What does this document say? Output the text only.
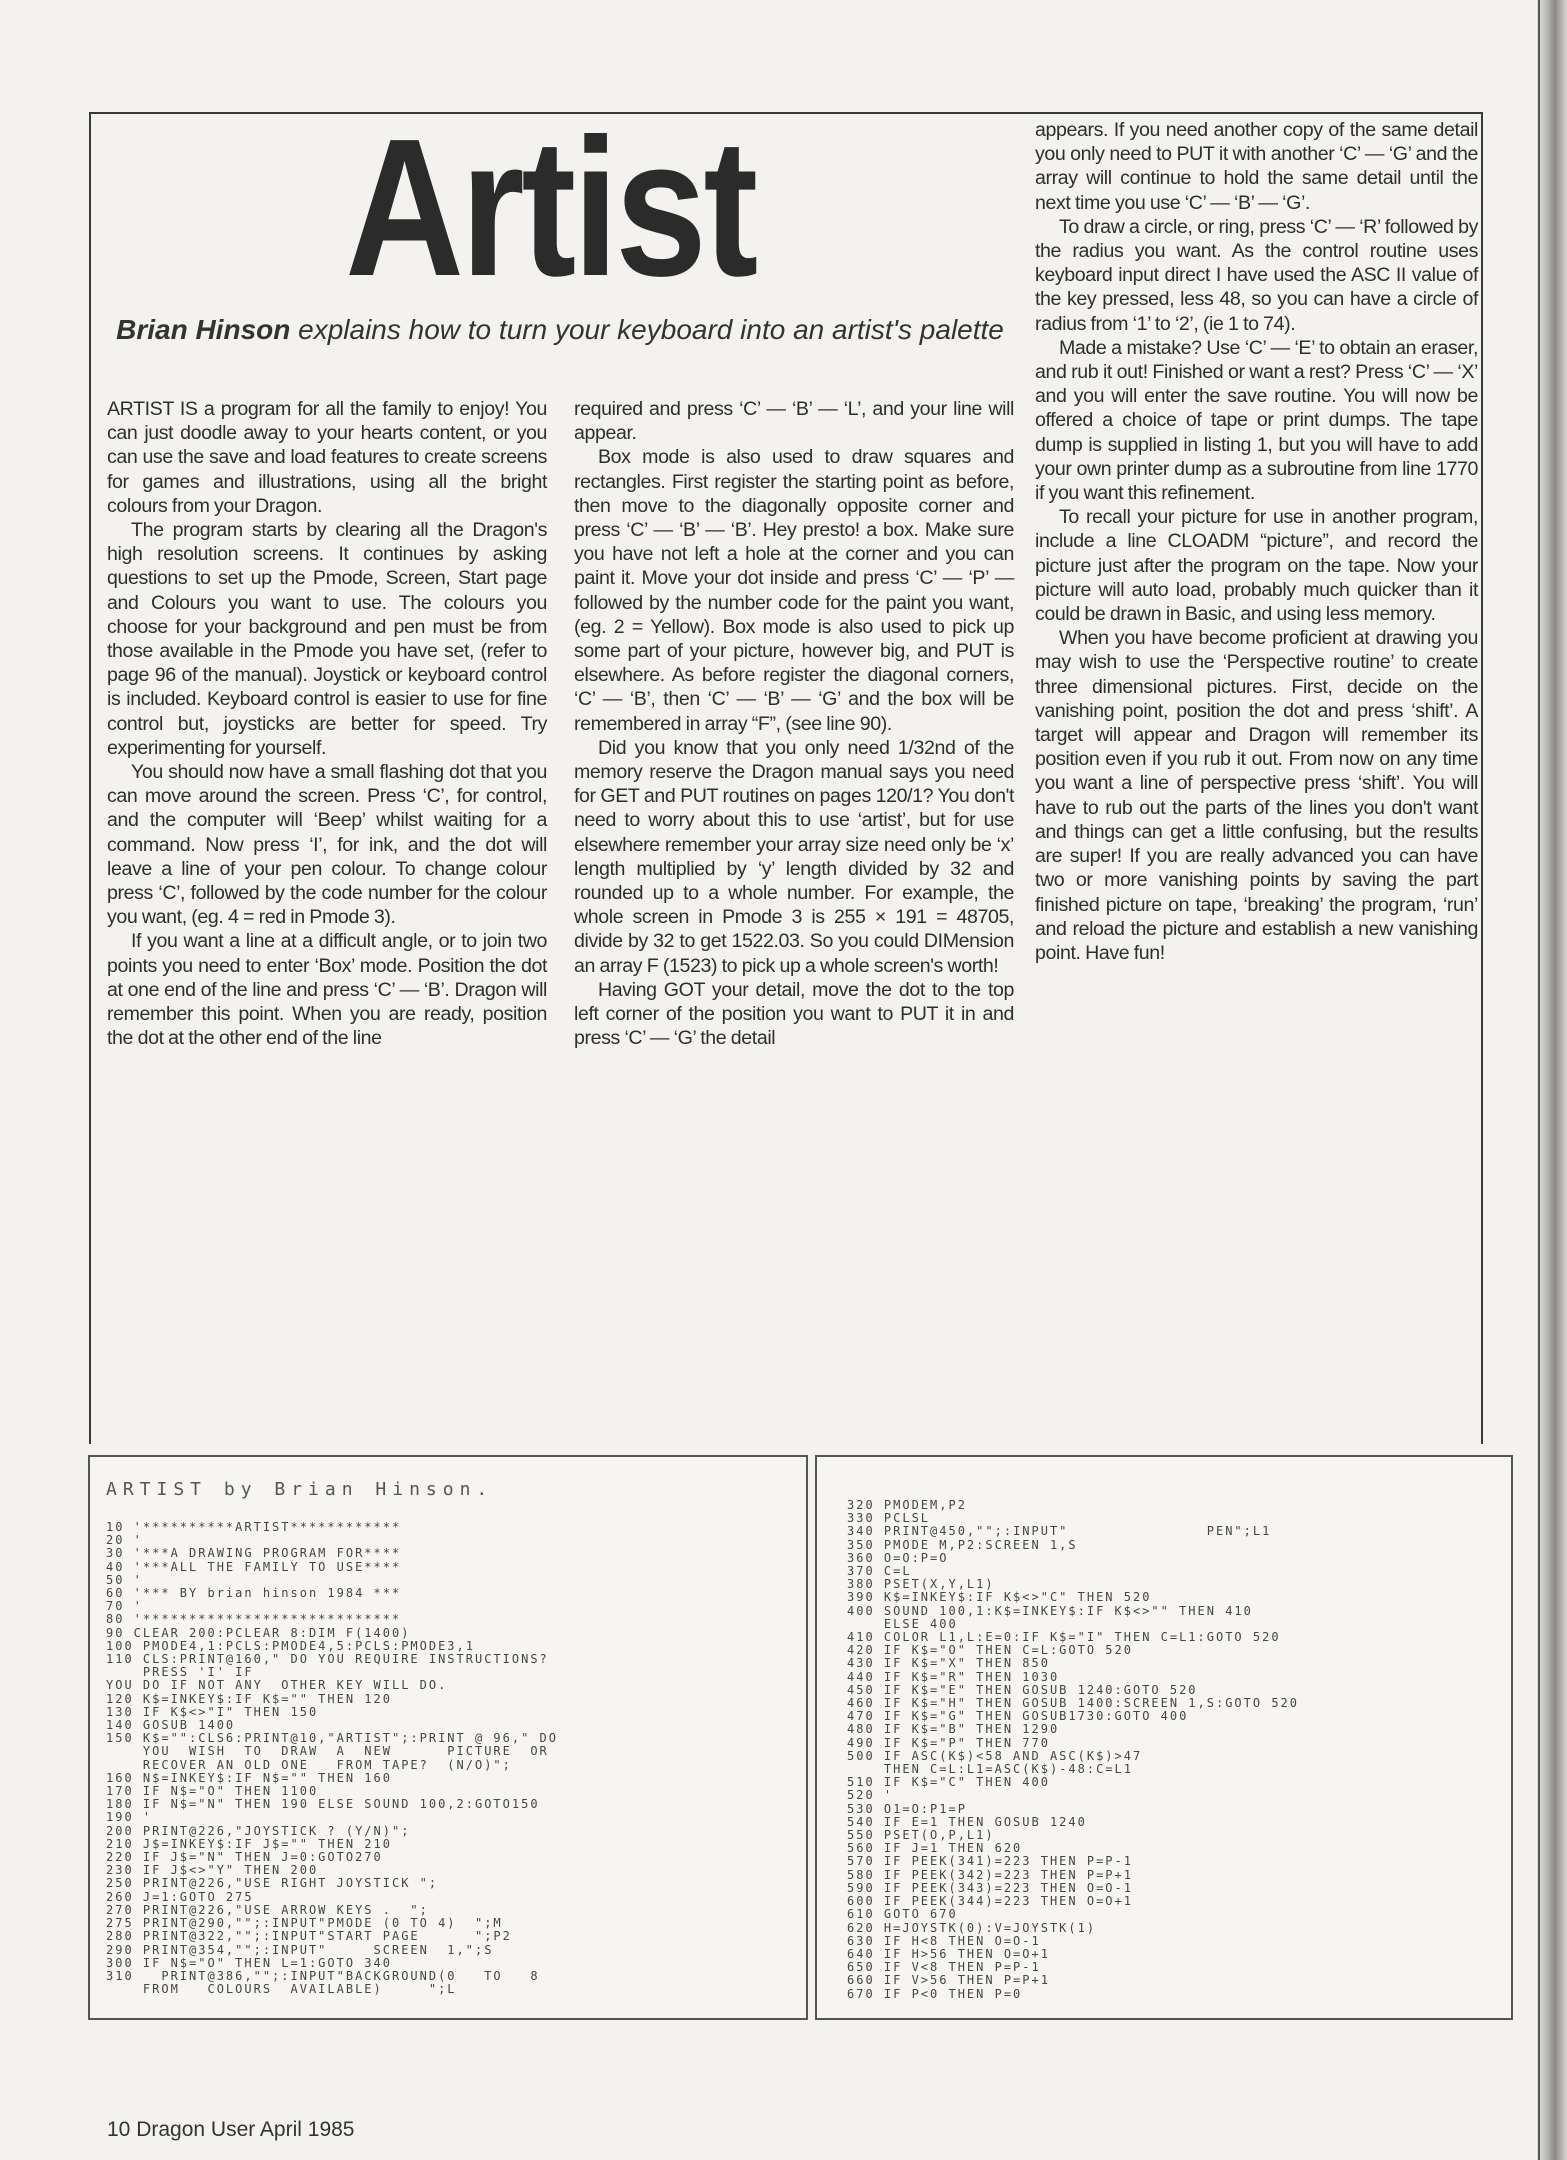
Artist
Brian Hinson explains how to turn your keyboard into an artist's palette

ARTIST IS a program for all the family to enjoy! You can just doodle away to your hearts content, or you can use the save and load features to create screens for games and illustrations, using all the bright colours from your Dragon.

The program starts by clearing all the Dragon's high resolution screens. It continues by asking questions to set up the Pmode, Screen, Start page and Colours you want to use. The colours you choose for your background and pen must be from those available in the Pmode you have set, (refer to page 96 of the manual). Joystick or keyboard control is included. Keyboard control is easier to use for fine control but, joysticks are better for speed. Try experimenting for yourself.

You should now have a small flashing dot that you can move around the screen. Press ‘C’, for control, and the computer will ‘Beep’ whilst waiting for a command. Now press ‘I’, for ink, and the dot will leave a line of your pen colour. To change colour press ‘C’, followed by the code number for the colour you want, (eg. 4 = red in Pmode 3).

If you want a line at a difficult angle, or to join two points you need to enter ‘Box’ mode. Position the dot at one end of the line and press ‘C’ — ‘B’. Dragon will remember this point. When you are ready, position the dot at the other end of the line

required and press ‘C’ — ‘B’ — ‘L’, and your line will appear.

Box mode is also used to draw squares and rectangles. First register the starting point as before, then move to the diagonally opposite corner and press ‘C’ — ‘B’ — ‘B’. Hey presto! a box. Make sure you have not left a hole at the corner and you can paint it. Move your dot inside and press ‘C’ — ‘P’ — followed by the number code for the paint you want, (eg. 2 = Yellow). Box mode is also used to pick up some part of your picture, however big, and PUT is elsewhere. As before register the diagonal corners, ‘C’ — ‘B’, then ‘C’ — ‘B’ — ‘G’ and the box will be remembered in array “F”, (see line 90).

Did you know that you only need 1/32nd of the memory reserve the Dragon manual says you need for GET and PUT routines on pages 120/1? You don't need to worry about this to use ‘artist’, but for use elsewhere remember your array size need only be ‘x’ length multiplied by ‘y’ length divided by 32 and rounded up to a whole number. For example, the whole screen in Pmode 3 is 255 × 191 = 48705, divide by 32 to get 1522.03. So you could DIMension an array F (1523) to pick up a whole screen's worth!

Having GOT your detail, move the dot to the top left corner of the position you want to PUT it in and press ‘C’ — ‘G’ the detail

appears. If you need another copy of the same detail you only need to PUT it with another ‘C’ — ‘G’ and the array will continue to hold the same detail until the next time you use ‘C’ — ‘B’ — ‘G’.

To draw a circle, or ring, press ‘C’ — ‘R’ followed by the radius you want. As the control routine uses keyboard input direct I have used the ASC II value of the key pressed, less 48, so you can have a circle of radius from ‘1’ to ‘2’, (ie 1 to 74).

Made a mistake? Use ‘C’ — ‘E’ to obtain an eraser, and rub it out! Finished or want a rest? Press ‘C’ — ‘X’ and you will enter the save routine. You will now be offered a choice of tape or print dumps. The tape dump is supplied in listing 1, but you will have to add your own printer dump as a subroutine from line 1770 if you want this refinement.

To recall your picture for use in another program, include a line CLOADM “picture”, and record the picture just after the program on the tape. Now your picture will auto load, probably much quicker than it could be drawn in Basic, and using less memory.

When you have become proficient at drawing you may wish to use the ‘Perspective routine’ to create three dimensional pictures. First, decide on the vanishing point, position the dot and press ‘shift’. A target will appear and Dragon will remember its position even if you rub it out. From now on any time you want a line of perspective press ‘shift’. You will have to rub out the parts of the lines you don't want and things can get a little confusing, but the results are super! If you are really advanced you can have two or more vanishing points by saving the part finished picture on tape, ‘breaking’ the program, ‘run’ and reload the picture and establish a new vanishing point. Have fun!

ARTIST by Brian Hinson.
10 '**********ARTIST************
20 '
30 '***A DRAWING PROGRAM FOR****
40 '***ALL THE FAMILY TO USE****
50 '
60 '*** BY brian hinson 1984 ***
70 '
80 '****************************
90 CLEAR 200:PCLEAR 8:DIM F(1400)
100 PMODE4,1:PCLS:PMODE4,5:PCLS:PMODE3,1
110 CLS:PRINT@160," DO YOU REQUIRE INSTRUCTIONS?
PRESS 'I' IF
YOU DO IF NOT ANY  OTHER KEY WILL DO.
120 K$=INKEY$:IF K$="" THEN 120
130 IF K$<>"I" THEN 150
140 GOSUB 1400
150 K$="":CLS6:PRINT@10,"ARTIST";:PRINT @ 96," DO
YOU  WISH  TO  DRAW  A  NEW      PICTURE  OR
RECOVER AN OLD ONE   FROM TAPE?  (N/O)";
160 N$=INKEY$:IF N$="" THEN 160
170 IF N$="O" THEN 1100
180 IF N$="N" THEN 190 ELSE SOUND 100,2:GOTO150
190 '
200 PRINT@226,"JOYSTICK ? (Y/N)";
210 J$=INKEY$:IF J$="" THEN 210
220 IF J$="N" THEN J=0:GOTO270
230 IF J$<>"Y" THEN 200
250 PRINT@226,"USE RIGHT JOYSTICK ";
260 J=1:GOTO 275
270 PRINT@226,"USE ARROW KEYS .  ";
275 PRINT@290,"";:INPUT"PMODE (0 TO 4)  ";M
280 PRINT@322,"";:INPUT"START PAGE      ";P2
290 PRINT@354,"";:INPUT"     SCREEN  1,";S
300 IF N$="O" THEN L=1:GOTO 340
310   PRINT@386,"";:INPUT"BACKGROUND(0   TO   8
FROM   COLOURS  AVAILABLE)     ";L
320 PMODEM,P2
330 PCLSL
340 PRINT@450,"";:INPUT"               PEN";L1
350 PMODE M,P2:SCREEN 1,S
360 O=O:P=O
370 C=L
380 PSET(X,Y,L1)
390 K$=INKEY$:IF K$<>"C" THEN 520
400 SOUND 100,1:K$=INKEY$:IF K$<>"" THEN 410
ELSE 400
410 COLOR L1,L:E=0:IF K$="I" THEN C=L1:GOTO 520
420 IF K$="O" THEN C=L:GOTO 520
430 IF K$="X" THEN 850
440 IF K$="R" THEN 1030
450 IF K$="E" THEN GOSUB 1240:GOTO 520
460 IF K$="H" THEN GOSUB 1400:SCREEN 1,S:GOTO 520
470 IF K$="G" THEN GOSUB1730:GOTO 400
480 IF K$="B" THEN 1290
490 IF K$="P" THEN 770
500 IF ASC(K$)<58 AND ASC(K$)>47
THEN C=L:L1=ASC(K$)-48:C=L1
510 IF K$="C" THEN 400
520 '
530 O1=O:P1=P
540 IF E=1 THEN GOSUB 1240
550 PSET(O,P,L1)
560 IF J=1 THEN 620
570 IF PEEK(341)=223 THEN P=P-1
580 IF PEEK(342)=223 THEN P=P+1
590 IF PEEK(343)=223 THEN O=O-1
600 IF PEEK(344)=223 THEN O=O+1
610 GOTO 670
620 H=JOYSTK(0):V=JOYSTK(1)
630 IF H<8 THEN O=O-1
640 IF H>56 THEN O=O+1
650 IF V<8 THEN P=P-1
660 IF V>56 THEN P=P+1
670 IF P<0 THEN P=0
10 Dragon User April 1985
